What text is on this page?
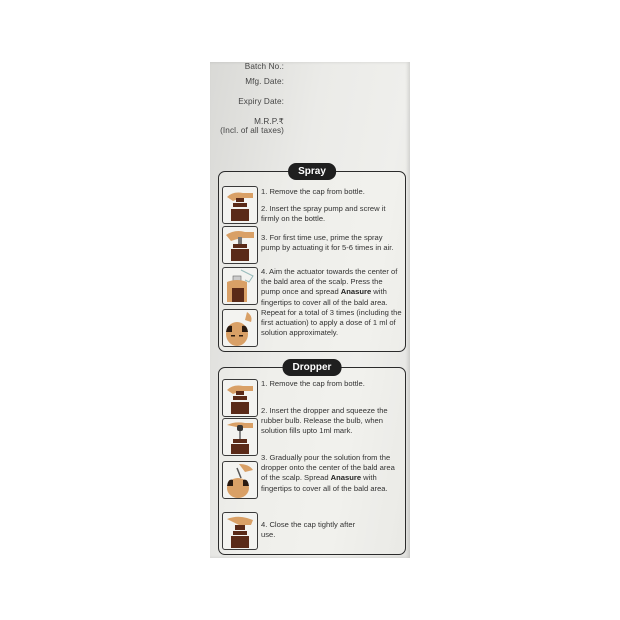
Batch No.:
Mfg. Date:
Expiry Date:
M.R.P.₹
(Incl. of all taxes)
Spray
1. Remove the cap from bottle.
2. Insert the spray pump and screw it firmly on the bottle.
3. For first time use, prime the spray pump by actuating it for 5-6 times in air.
4. Aim the actuator towards the center of the bald area of the scalp. Press the pump once and spread Anasure with fingertips to cover all of the bald area. Repeat for a total of 3 times (including the first actuation) to apply a dose of 1 ml of solution approximately.
Dropper
1. Remove the cap from bottle.
2. Insert the dropper and squeeze the rubber bulb. Release the bulb, when solution fills upto 1ml mark.
3. Gradually pour the solution from the dropper onto the center of the bald area of the scalp. Spread Anasure with fingertips to cover all of the bald area.
4. Close the cap tightly after use.
